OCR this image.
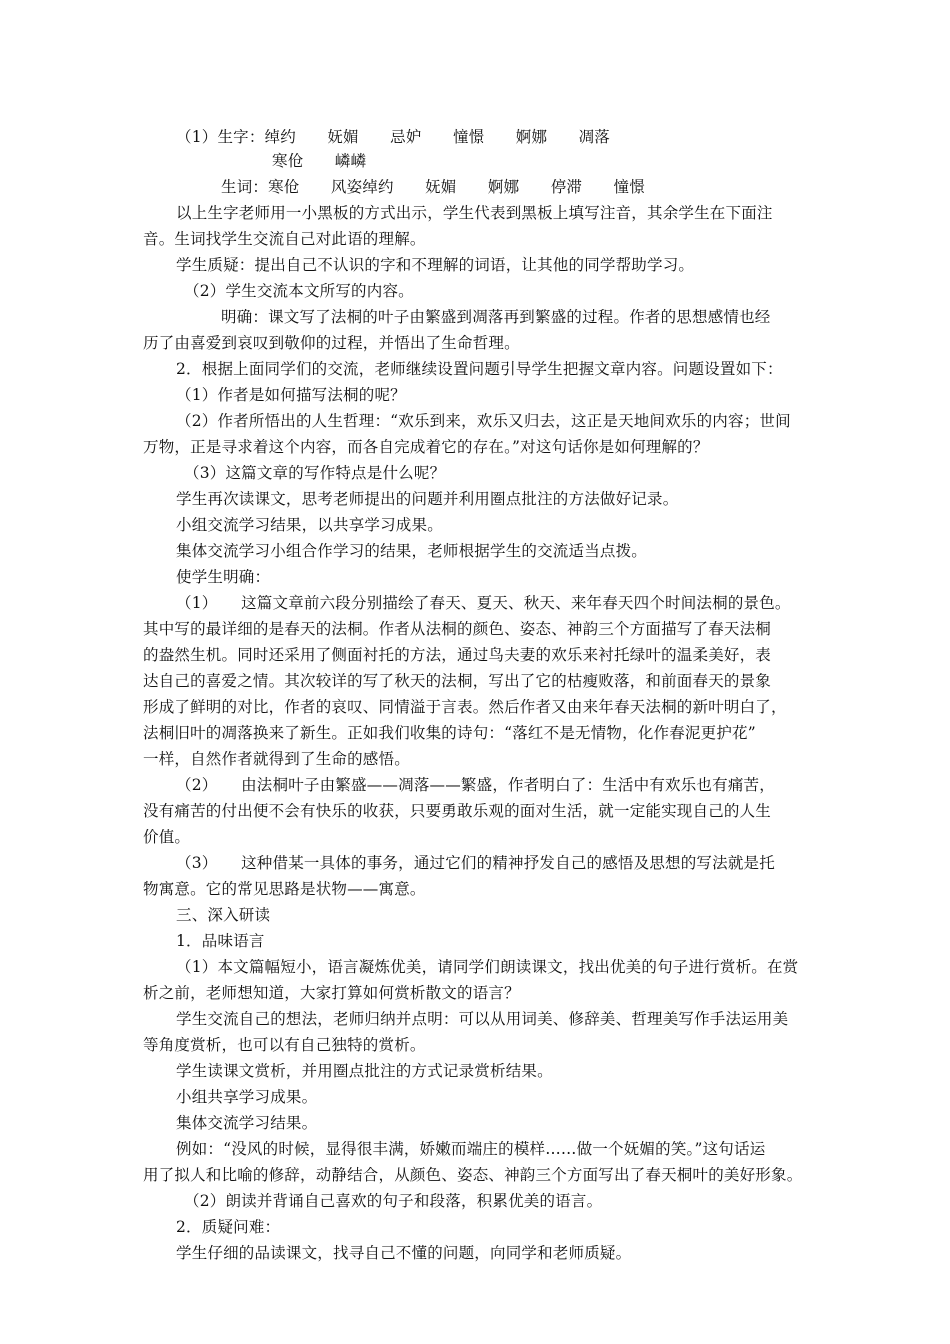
（1）生字：绰约　　妩媚　　忌妒　　憧憬　　婀娜　　凋落
寒伧　　嶙嶙
生词：寒伧　　风姿绰约　　妩媚　　婀娜　　停滞　　憧憬
以上生字老师用一小黑板的方式出示，学生代表到黑板上填写注音，其余学生在下面注
音。生词找学生交流自己对此语的理解。
学生质疑：提出自己不认识的字和不理解的词语，让其他的同学帮助学习。
（2）学生交流本文所写的内容。
明确：课文写了法桐的叶子由繁盛到凋落再到繁盛的过程。作者的思想感情也经
历了由喜爱到哀叹到敬仰的过程，并悟出了生命哲理。
2．根据上面同学们的交流，老师继续设置问题引导学生把握文章内容。问题设置如下：
（1）作者是如何描写法桐的呢？
（2）作者所悟出的人生哲理：“欢乐到来，欢乐又归去，这正是天地间欢乐的内容；世间
万物，正是寻求着这个内容，而各自完成着它的存在。”对这句话你是如何理解的？
（3）这篇文章的写作特点是什么呢？
学生再次读课文，思考老师提出的问题并利用圈点批注的方法做好记录。
小组交流学习结果，以共享学习成果。
集体交流学习小组合作学习的结果，老师根据学生的交流适当点拨。
使学生明确：
（1）　　这篇文章前六段分别描绘了春天、夏天、秋天、来年春天四个时间法桐的景色。
其中写的最详细的是春天的法桐。作者从法桐的颜色、姿态、神韵三个方面描写了春天法桐
的盎然生机。同时还采用了侧面衬托的方法，通过鸟夫妻的欢乐来衬托绿叶的温柔美好，表
达自己的喜爱之情。其次较详的写了秋天的法桐，写出了它的枯瘦败落，和前面春天的景象
形成了鲜明的对比，作者的哀叹、同情溢于言表。然后作者又由来年春天法桐的新叶明白了，
法桐旧叶的凋落换来了新生。正如我们收集的诗句：“落红不是无情物，化作春泥更护花”
一样，自然作者就得到了生命的感悟。
（2）　　由法桐叶子由繁盛——凋落——繁盛，作者明白了：生活中有欢乐也有痛苦，
没有痛苦的付出便不会有快乐的收获，只要勇敢乐观的面对生活，就一定能实现自己的人生
价值。
（3）　　这种借某一具体的事务，通过它们的精神抒发自己的感悟及思想的写法就是托
物寓意。它的常见思路是状物——寓意。
三、深入研读
1．品味语言
（1）本文篇幅短小，语言凝炼优美，请同学们朗读课文，找出优美的句子进行赏析。在赏
析之前，老师想知道，大家打算如何赏析散文的语言？
学生交流自己的想法，老师归纳并点明：可以从用词美、修辞美、哲理美写作手法运用美
等角度赏析，也可以有自己独特的赏析。
学生读课文赏析，并用圈点批注的方式记录赏析结果。
小组共享学习成果。
集体交流学习结果。
例如：“没风的时候，显得很丰满，娇嫩而端庄的模样……做一个妩媚的笑。”这句话运
用了拟人和比喻的修辞，动静结合，从颜色、姿态、神韵三个方面写出了春天桐叶的美好形象。
（2）朗读并背诵自己喜欢的句子和段落，积累优美的语言。
2．质疑问难：
学生仔细的品读课文，找寻自己不懂的问题，向同学和老师质疑。
